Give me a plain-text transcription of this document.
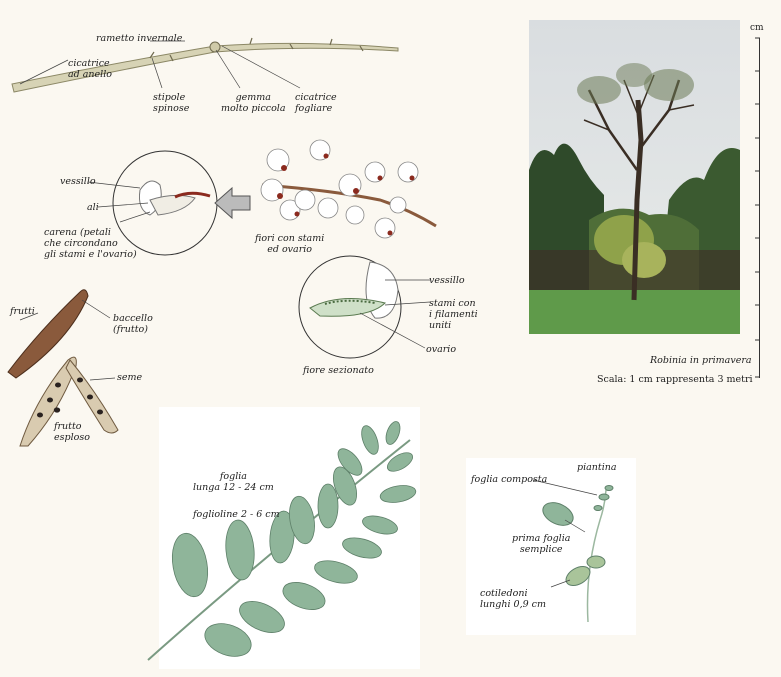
cm
Robinia in primavera
Scala: 1 cm rappresenta 3 metri
rametto invernale
cicatrice
ad anello
stipole
spinose
gemma
molto piccola
cicatrice
fogliare
vessillo
ali
carena (petali
che circondano
gli stami e l'ovario)
fiori con stami
ed ovario
vessillo
stami con
i filamenti
uniti
ovario
fiore sezionato
frutti
baccello
(frutto)
seme
frutto
esploso
foglia
lunga 12 - 24 cm
foglioline 2 - 6 cm
piantina
foglia composta
prima foglia
semplice
cotiledoni
lunghi 0,9 cm
